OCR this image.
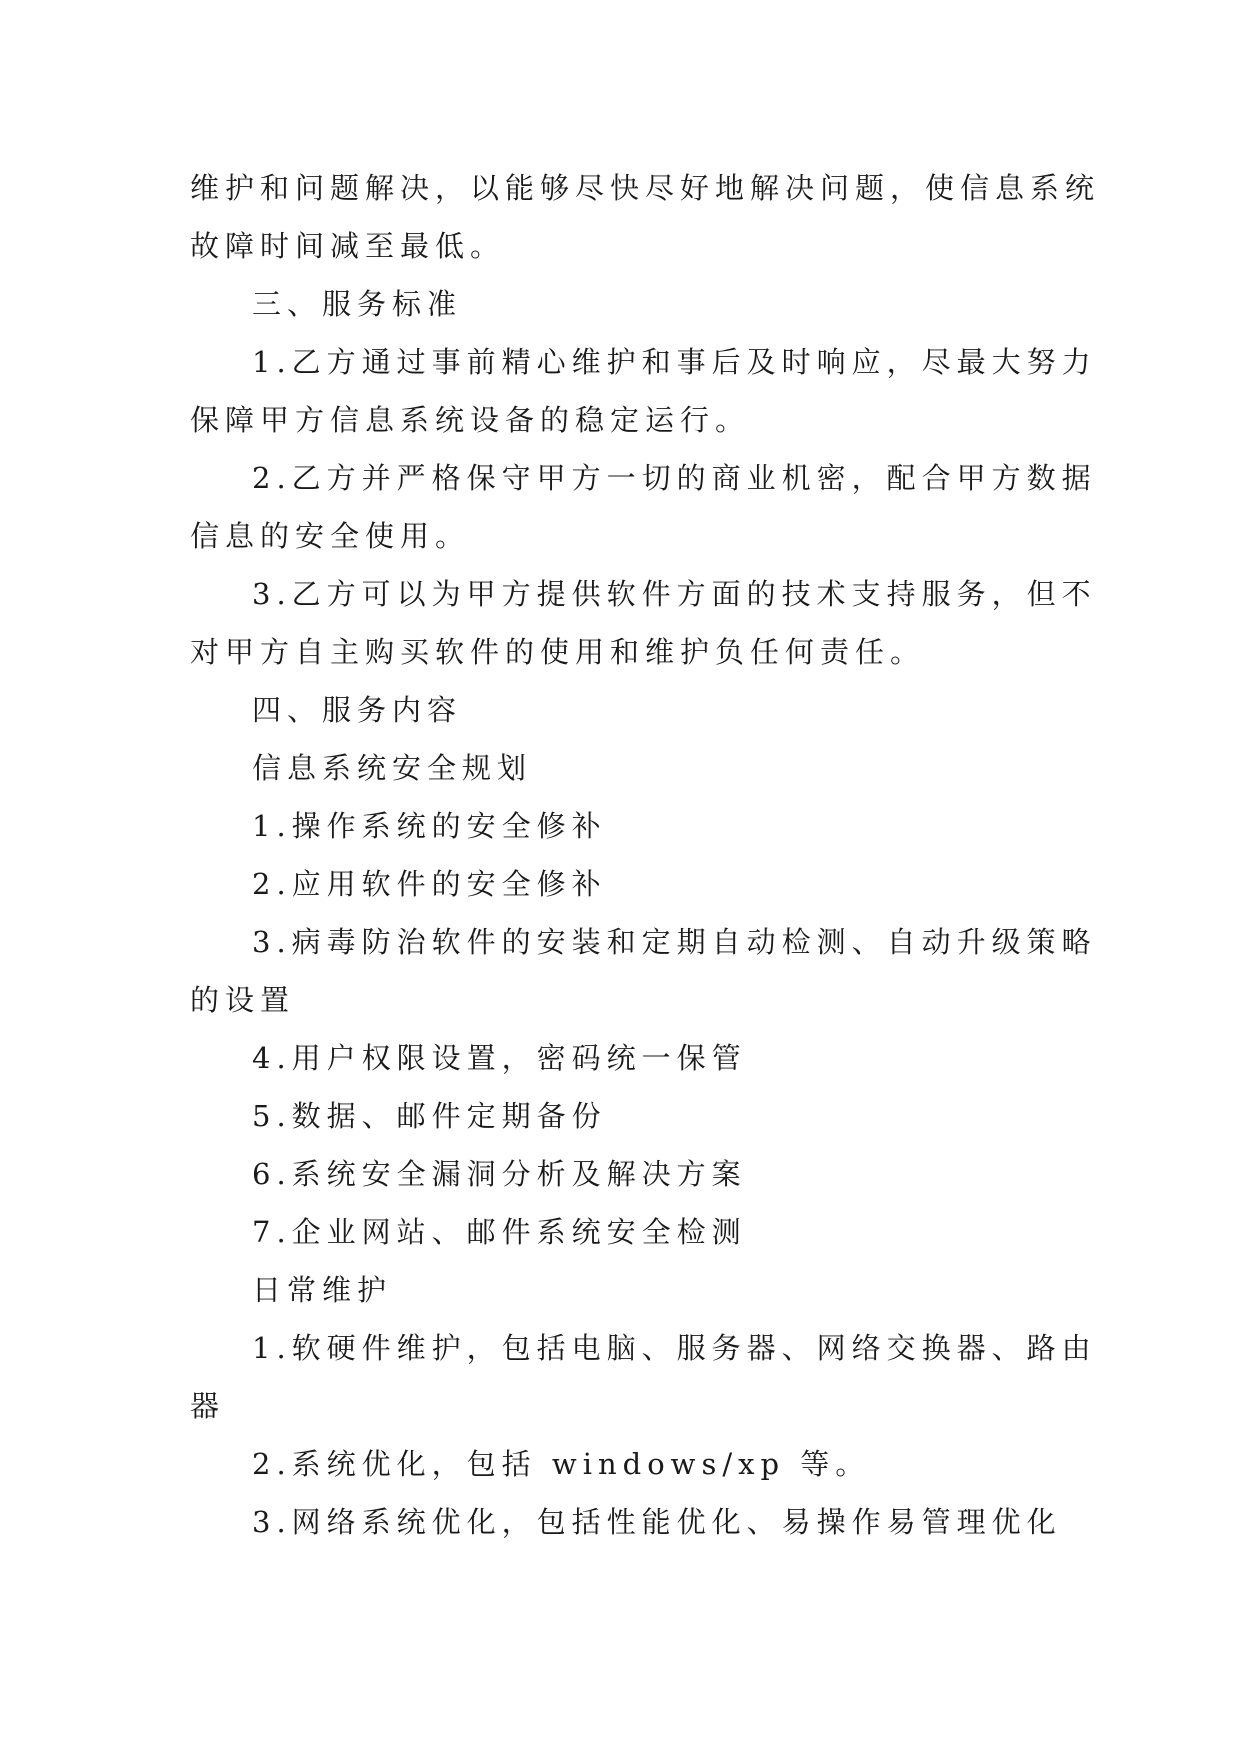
维护和问题解决，以能够尽快尽好地解决问题，使信息系统
故障时间减至最低。
三、服务标准
1.乙方通过事前精心维护和事后及时响应，尽最大努力
保障甲方信息系统设备的稳定运行。
2.乙方并严格保守甲方一切的商业机密，配合甲方数据
信息的安全使用。
3.乙方可以为甲方提供软件方面的技术支持服务，但不
对甲方自主购买软件的使用和维护负任何责任。
四、服务内容
信息系统安全规划
1.操作系统的安全修补
2.应用软件的安全修补
3.病毒防治软件的安装和定期自动检测、自动升级策略
的设置
4.用户权限设置，密码统一保管
5.数据、邮件定期备份
6.系统安全漏洞分析及解决方案
7.企业网站、邮件系统安全检测
日常维护
1.软硬件维护，包括电脑、服务器、网络交换器、路由
器
2.系统优化，包括 windows/xp 等。
3.网络系统优化，包括性能优化、易操作易管理优化
